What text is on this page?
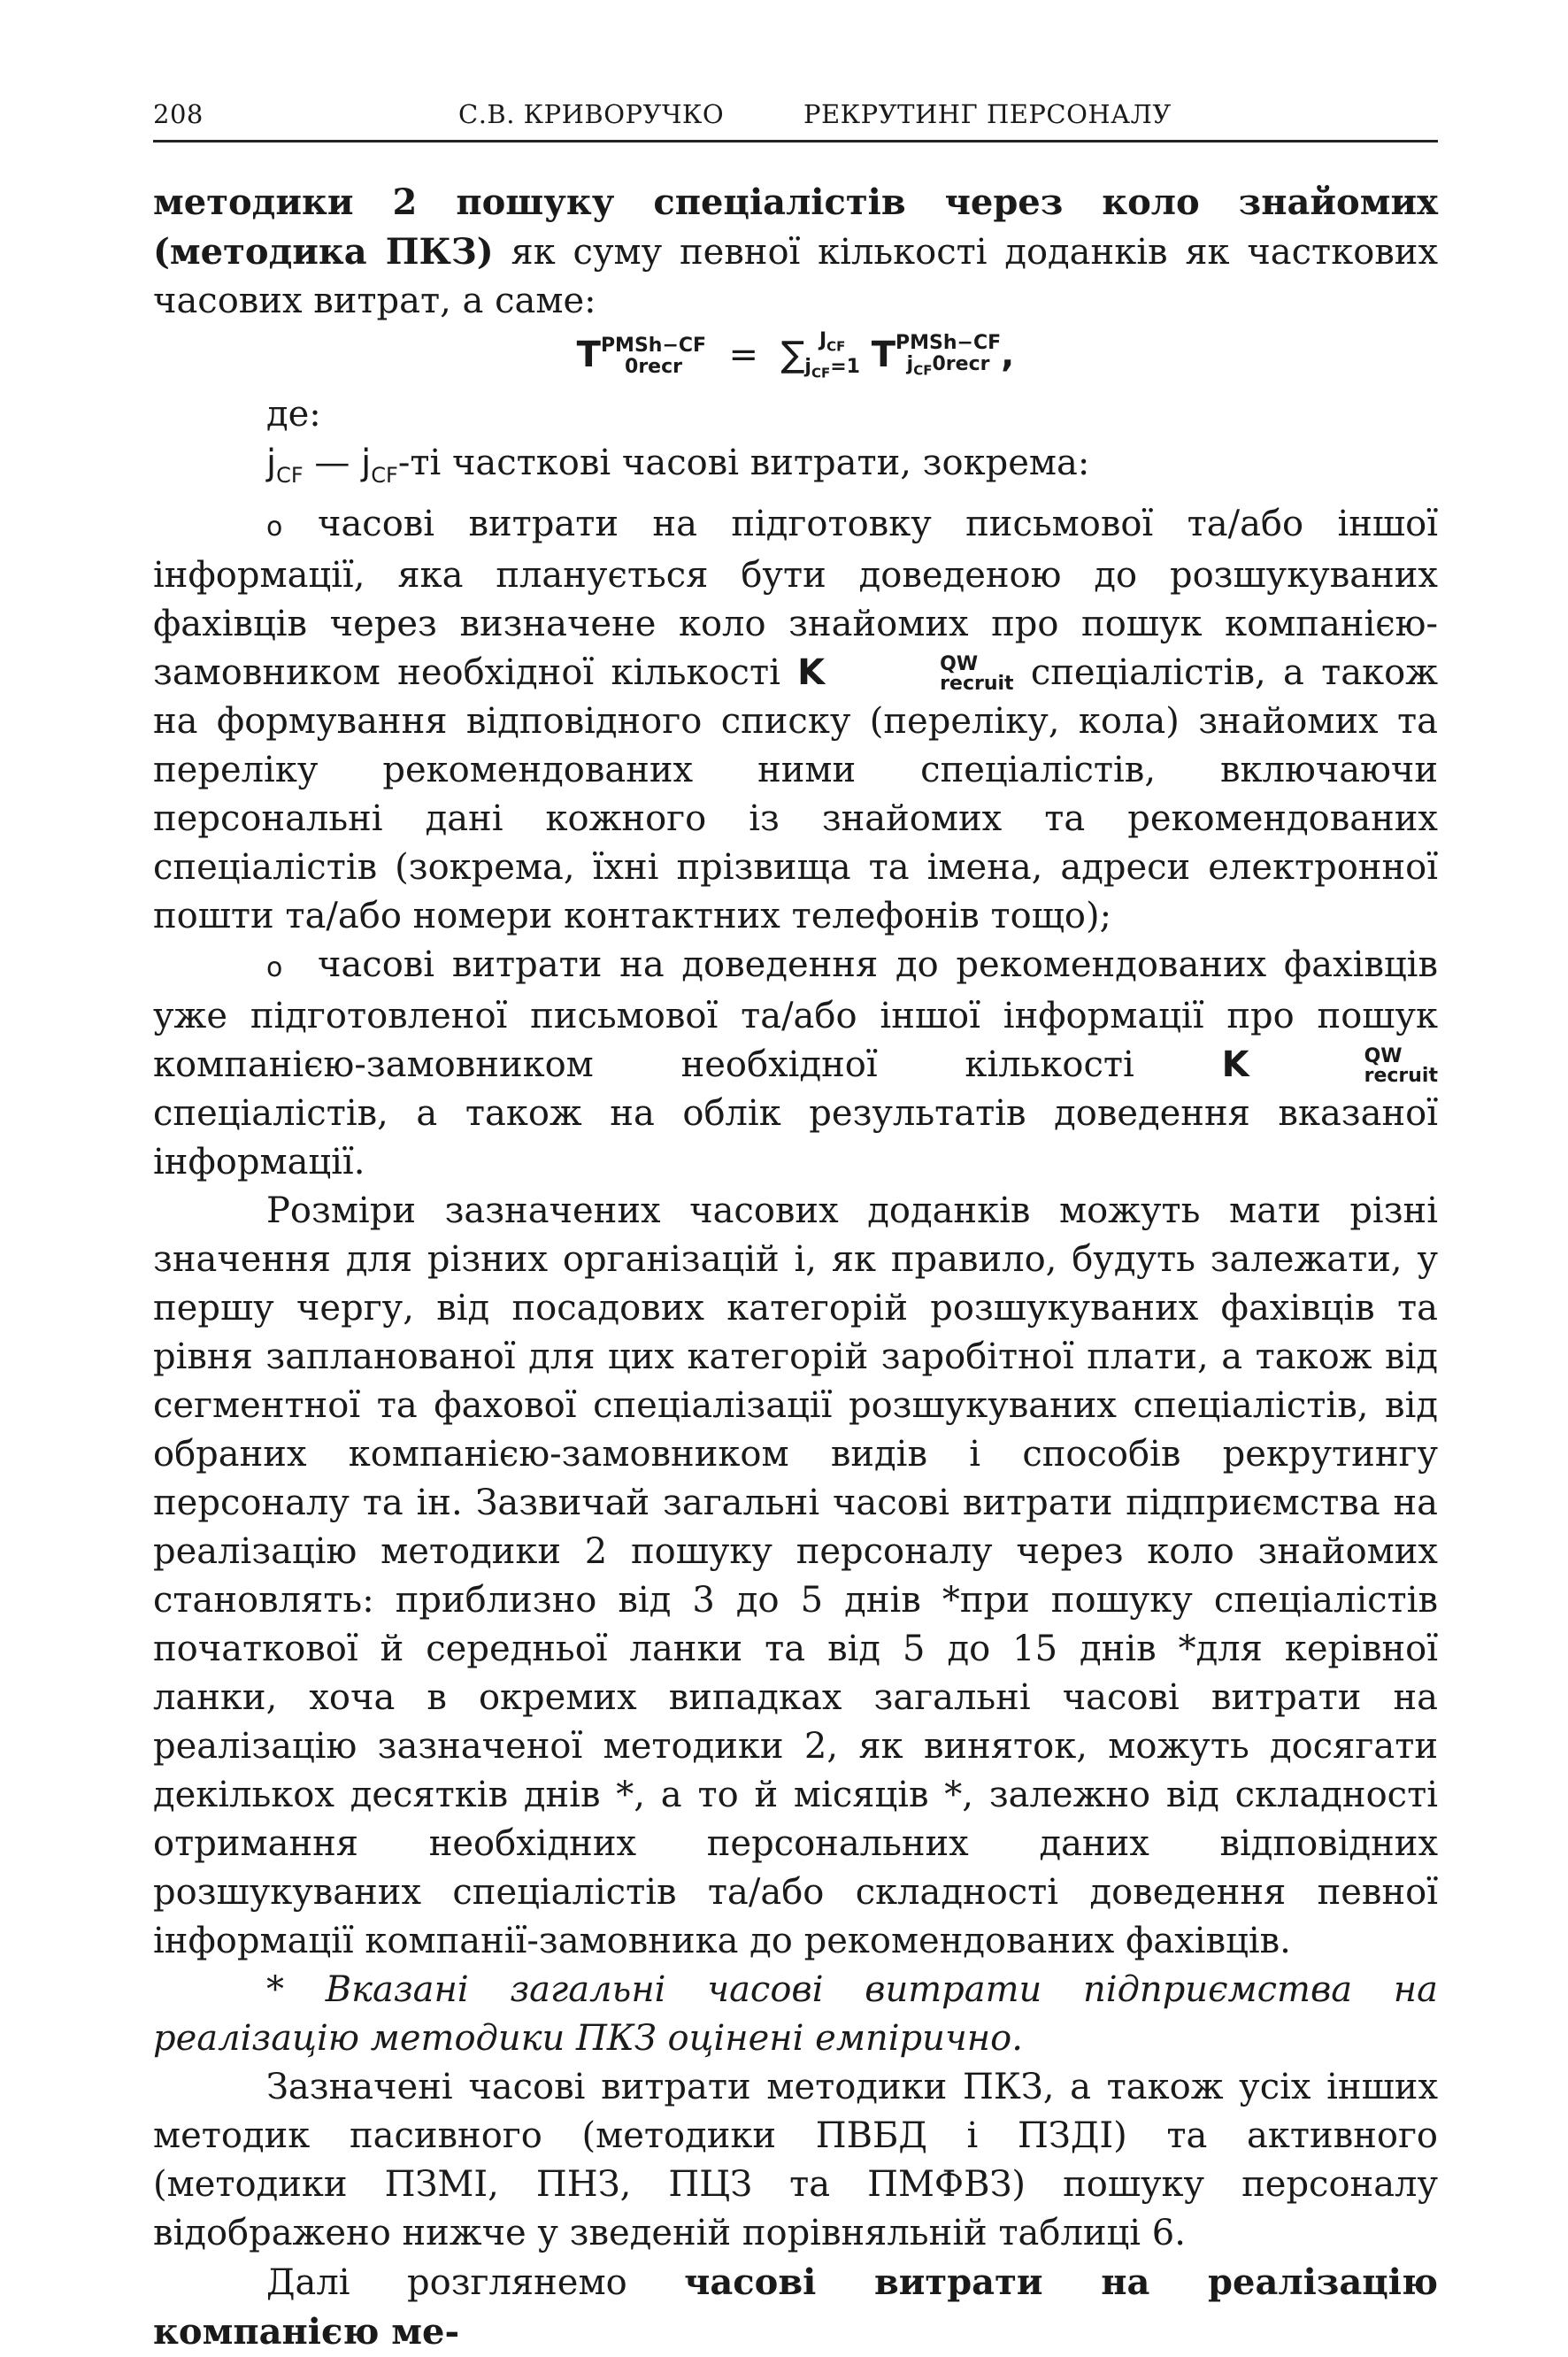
208	С.В. КРИВОРУЧКО	РЕКРУТИНГ ПЕРСОНАЛУ

методики 2 пошуку спеціалістів через коло знайомих (методика ПКЗ) як суму певної кількості доданків як часткових часових витрат, а саме:

T PMSh−CF
0recr	= ∑ $J_{CF}$
$j_{CF}=1$ T PMSh−CF
$j_{CF}0recr$ ,

де:

$j_{CF}$ — $j_{CF}-ті$ часткові часові витрати, зокрема:

o часові витрати на підготовку письмової та/або іншої інформації, яка планується бути доведеною до розшукуваних фахівців через визначене коло знайомих про пошук компанією-замовником необхідної кількості K	QW
recruit спеціалістів, а також на формування відповідного списку (переліку, кола) знайомих та переліку рекомендованих ними спеціалістів, включаючи персональні дані кожного із знайомих та рекомендованих спеціалістів (зокрема, їхні прізвища та імена, адреси електронної пошти та/або номери контактних телефонів тощо);

o часові витрати на доведення до рекомендованих фахівців уже підготовленої письмової та/або іншої інформації про пошук компанією-замовником необхідної кількості K	QW
recruit
спеціалістів, а також на облік результатів доведення вказаної інформації.

Розміри зазначених часових доданків можуть мати різні значення для різних організацій і, як правило, будуть залежати, у першу чергу, від посадових категорій розшукуваних фахівців та рівня запланованої для цих категорій заробітної плати, а також від сегментної та фахової спеціалізації розшукуваних спеціалістів, від обраних компанією-замовником видів і способів рекрутингу персоналу та ін. Зазвичай загальні часові витрати підприємства на реалізацію методики 2 пошуку персоналу через коло знайомих становлять: приблизно від 3 до 5 днів *при пошуку спеціалістів початкової й середньої ланки та від 5 до 15 днів *для керівної ланки, хоча в окремих випадках загальні часові витрати на реалізацію зазначеної методики 2, як виняток, можуть досягати декількох десятків днів *, а то й місяців *, залежно від складності отримання необхідних персональних даних відповідних розшукуваних спеціалістів та/або складності доведення певної інформації компанії-замовника до рекомендованих фахівців.

* Вказані загальні часові витрати підприємства на реалізацію методики ПКЗ оцінені емпірично.

Зазначені часові витрати методики ПКЗ, а також усіх інших методик пасивного (методики ПВБД і ПЗДІ) та активного (методики ПЗМІ, ПНЗ, ПЦЗ та ПМФВЗ) пошуку персоналу відображено нижче у зведеній порівняльній таблиці 6.

Далі розглянемо часові витрати на реалізацію компанією ме-
